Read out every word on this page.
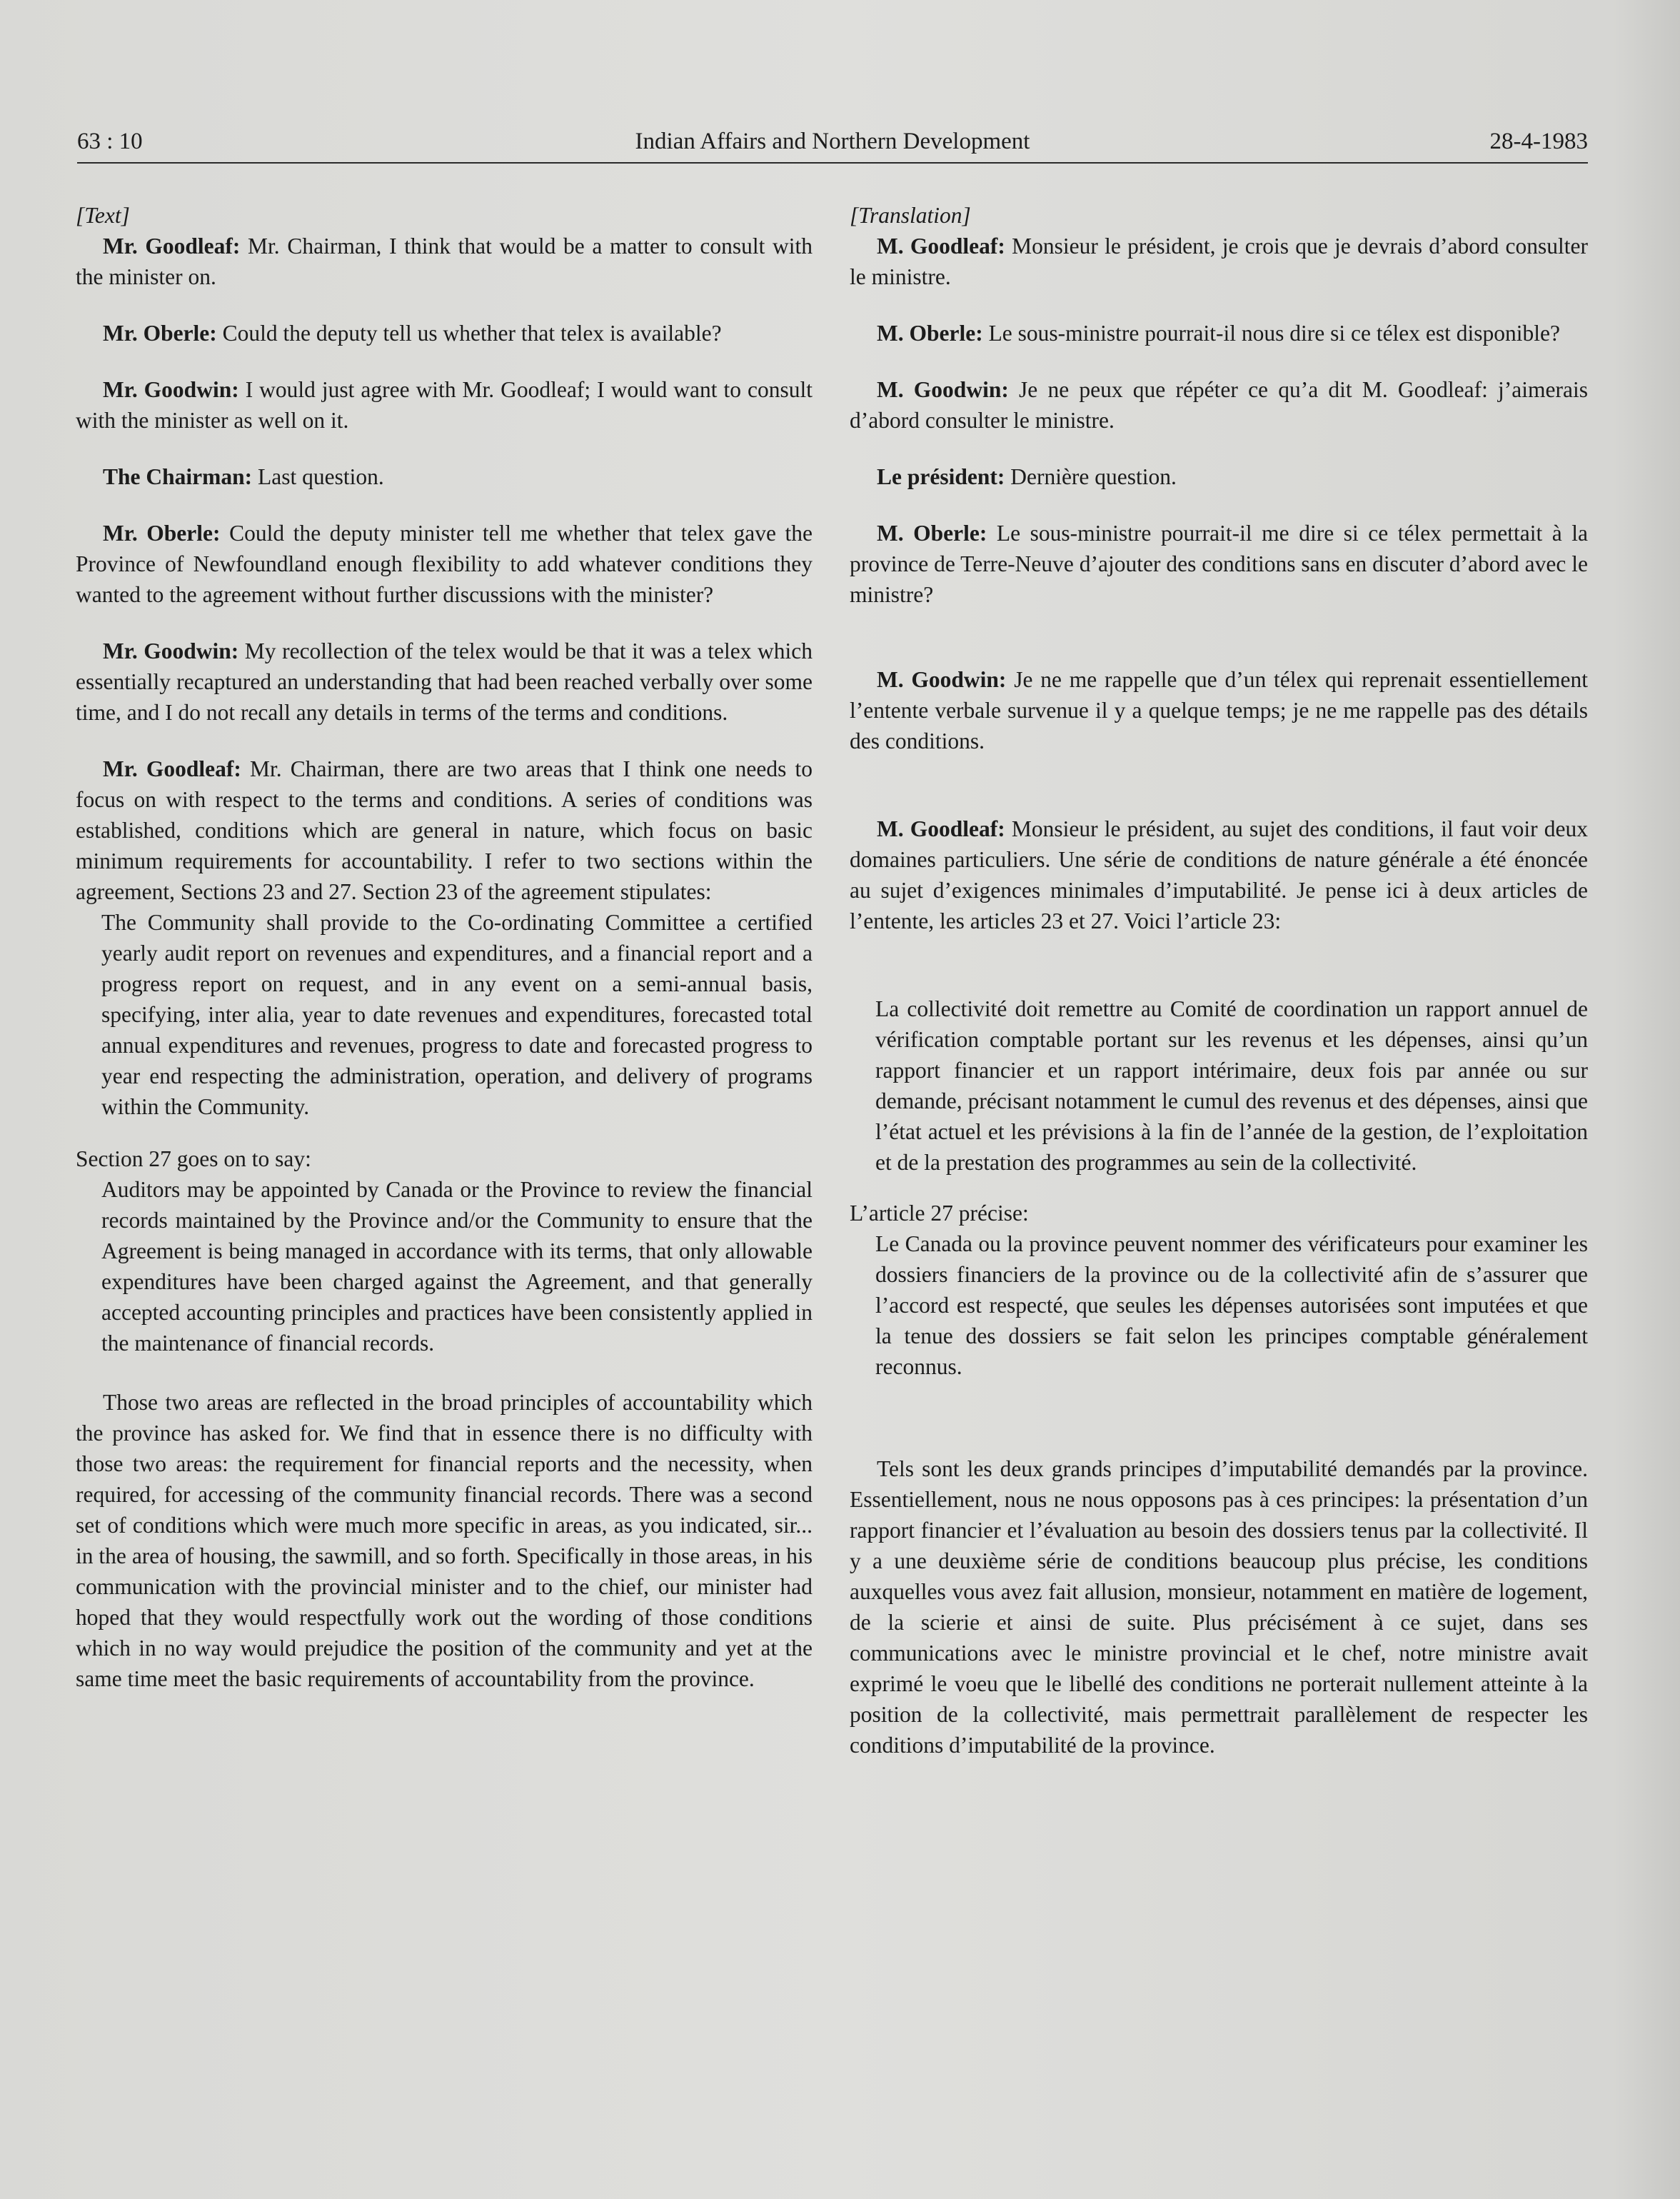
63 : 10	Indian Affairs and Northern Development	28-4-1983

[Text]

Mr. Goodleaf: Mr. Chairman, I think that would be a matter to consult with the minister on.

Mr. Oberle: Could the deputy tell us whether that telex is available?

Mr. Goodwin: I would just agree with Mr. Goodleaf; I would want to consult with the minister as well on it.

The Chairman: Last question.

Mr. Oberle: Could the deputy minister tell me whether that telex gave the Province of Newfoundland enough flexibility to add whatever conditions they wanted to the agreement without further discussions with the minister?

Mr. Goodwin: My recollection of the telex would be that it was a telex which essentially recaptured an understanding that had been reached verbally over some time, and I do not recall any details in terms of the terms and conditions.

Mr. Goodleaf: Mr. Chairman, there are two areas that I think one needs to focus on with respect to the terms and conditions. A series of conditions was established, conditions which are general in nature, which focus on basic minimum requirements for accountability. I refer to two sections within the agreement, Sections 23 and 27. Section 23 of the agreement stipulates:

The Community shall provide to the Co-ordinating Committee a certified yearly audit report on revenues and expenditures, and a financial report and a progress report on request, and in any event on a semi-annual basis, specifying, inter alia, year to date revenues and expenditures, forecasted total annual expenditures and revenues, progress to date and forecasted progress to year end respecting the administration, operation, and delivery of programs within the Community.

Section 27 goes on to say:

Auditors may be appointed by Canada or the Province to review the financial records maintained by the Province and/or the Community to ensure that the Agreement is being managed in accordance with its terms, that only allowable expenditures have been charged against the Agreement, and that generally accepted accounting principles and practices have been consistently applied in the maintenance of financial records.

Those two areas are reflected in the broad principles of accountability which the province has asked for. We find that in essence there is no difficulty with those two areas: the requirement for financial reports and the necessity, when required, for accessing of the community financial records. There was a second set of conditions which were much more specific in areas, as you indicated, sir... in the area of housing, the sawmill, and so forth. Specifically in those areas, in his communication with the provincial minister and to the chief, our minister had hoped that they would respectfully work out the wording of those conditions which in no way would prejudice the position of the community and yet at the same time meet the basic requirements of accountability from the province.

[Translation]

M. Goodleaf: Monsieur le président, je crois que je devrais d’abord consulter le ministre.

M. Oberle: Le sous-ministre pourrait-il nous dire si ce télex est disponible?

M. Goodwin: Je ne peux que répéter ce qu’a dit M. Goodleaf: j’aimerais d’abord consulter le ministre.

Le président: Dernière question.

M. Oberle: Le sous-ministre pourrait-il me dire si ce télex permettait à la province de Terre-Neuve d’ajouter des conditions sans en discuter d’abord avec le ministre?

M. Goodwin: Je ne me rappelle que d’un télex qui reprenait essentiellement l’entente verbale survenue il y a quelque temps; je ne me rappelle pas des détails des conditions.

M. Goodleaf: Monsieur le président, au sujet des conditions, il faut voir deux domaines particuliers. Une série de conditions de nature générale a été énoncée au sujet d’exigences minimales d’imputabilité. Je pense ici à deux articles de l’entente, les articles 23 et 27. Voici l’article 23:

La collectivité doit remettre au Comité de coordination un rapport annuel de vérification comptable portant sur les revenus et les dépenses, ainsi qu’un rapport financier et un rapport intérimaire, deux fois par année ou sur demande, précisant notamment le cumul des revenus et des dépenses, ainsi que l’état actuel et les prévisions à la fin de l’année de la gestion, de l’exploitation et de la prestation des programmes au sein de la collectivité.

L’article 27 précise:

Le Canada ou la province peuvent nommer des vérificateurs pour examiner les dossiers financiers de la province ou de la collectivité afin de s’assurer que l’accord est respecté, que seules les dépenses autorisées sont imputées et que la tenue des dossiers se fait selon les principes comptable généralement reconnus.

Tels sont les deux grands principes d’imputabilité demandés par la province. Essentiellement, nous ne nous opposons pas à ces principes: la présentation d’un rapport financier et l’évaluation au besoin des dossiers tenus par la collectivité. Il y a une deuxième série de conditions beaucoup plus précise, les conditions auxquelles vous avez fait allusion, monsieur, notamment en matière de logement, de la scierie et ainsi de suite. Plus précisément à ce sujet, dans ses communications avec le ministre provincial et le chef, notre ministre avait exprimé le voeu que le libellé des conditions ne porterait nullement atteinte à la position de la collectivité, mais permettrait parallèlement de respecter les conditions d’imputabilité de la province.
